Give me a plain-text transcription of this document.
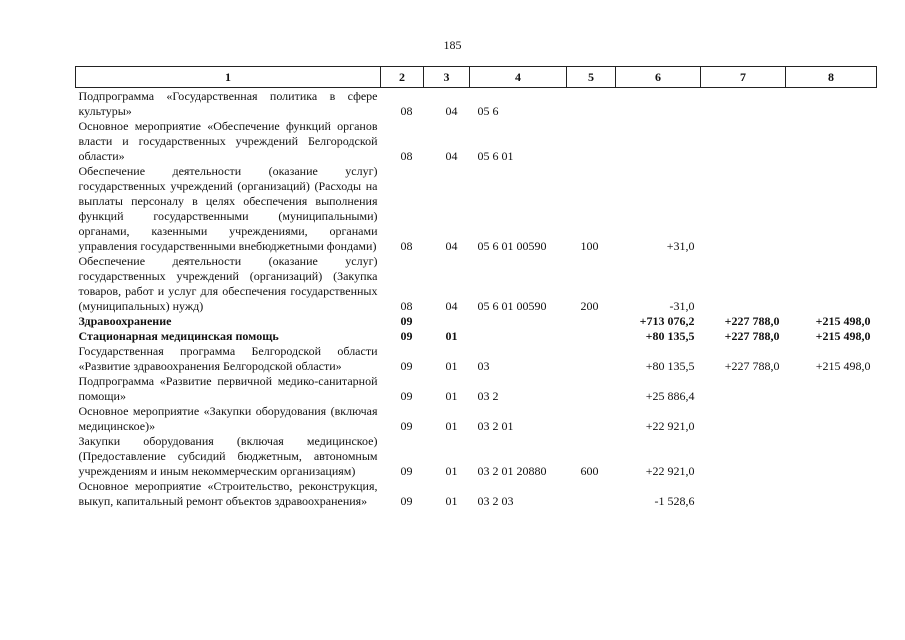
185
1	2	3	4	5	6	7	8
Подпрограмма «Государственная политика в сфере культуры»	08	04	05 6				
Основное мероприятие «Обеспечение функций органов власти и государственных учреждений Белгородской области»	08	04	05 6 01				
Обеспечение деятельности (оказание услуг) государственных учреждений (организаций) (Расходы на выплаты персоналу в целях обеспечения выполнения функций государственными (муниципальными) органами, казенными учреждениями, органами управления государственными внебюджетными фондами)	08	04	05 6 01 00590	100	+31,0		
Обеспечение деятельности (оказание услуг) государственных учреждений (организаций) (Закупка товаров, работ и услуг для обеспечения государственных (муниципальных) нужд)	08	04	05 6 01 00590	200	-31,0		
Здравоохранение	09				+713 076,2	+227 788,0	+215 498,0
Стационарная медицинская помощь	09	01			+80 135,5	+227 788,0	+215 498,0
Государственная программа Белгородской области «Развитие здравоохранения Белгородской области»	09	01	03		+80 135,5	+227 788,0	+215 498,0
Подпрограмма «Развитие первичной медико-санитарной помощи»	09	01	03 2		+25 886,4		
Основное мероприятие «Закупки оборудования (включая медицинское)»	09	01	03 2 01		+22 921,0		
Закупки оборудования (включая медицинское) (Предоставление субсидий бюджетным, автономным учреждениям и иным некоммерческим организациям)	09	01	03 2 01 20880	600	+22 921,0		
Основное мероприятие «Строительство, реконструкция, выкуп, капитальный ремонт объектов здравоохранения»	09	01	03 2 03		-1 528,6		
